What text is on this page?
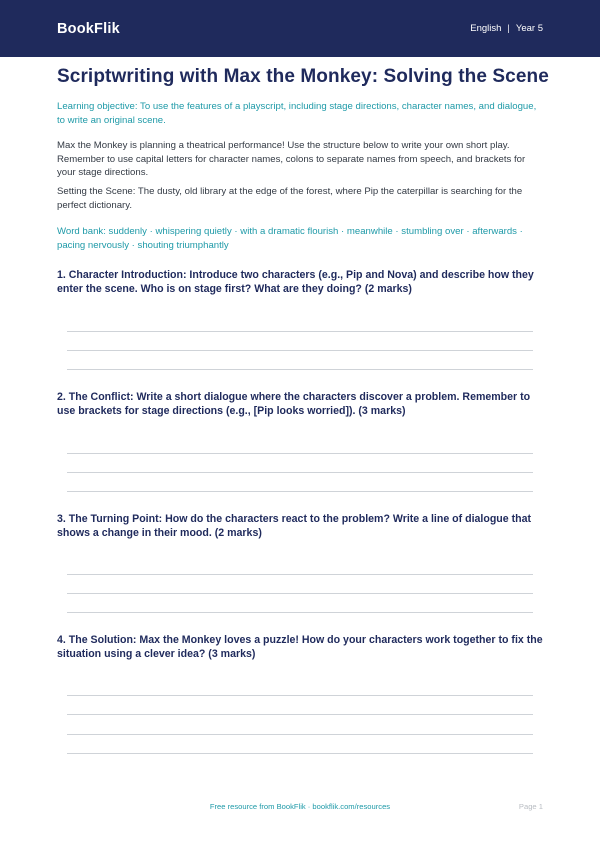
BookFlik	English | Year 5
Scriptwriting with Max the Monkey: Solving the Scene

Learning objective: To use the features of a playscript, including stage directions, character names, and dialogue, to write an original scene.

Max the Monkey is planning a theatrical performance! Use the structure below to write your own short play. Remember to use capital letters for character names, colons to separate names from speech, and brackets for your stage directions.

Setting the Scene: The dusty, old library at the edge of the forest, where Pip the caterpillar is searching for the perfect dictionary.

Word bank: suddenly · whispering quietly · with a dramatic flourish · meanwhile · stumbling over · afterwards · pacing nervously · shouting triumphantly

1. Character Introduction: Introduce two characters (e.g., Pip and Nova) and describe how they enter the scene. Who is on stage first? What are they doing? (2 marks)

2. The Conflict: Write a short dialogue where the characters discover a problem. Remember to use brackets for stage directions (e.g., [Pip looks worried]). (3 marks)

3. The Turning Point: How do the characters react to the problem? Write a line of dialogue that shows a change in their mood. (2 marks)

4. The Solution: Max the Monkey loves a puzzle! How do your characters work together to fix the situation using a clever idea? (3 marks)

Free resource from BookFlik · bookflik.com/resources	Page 1
